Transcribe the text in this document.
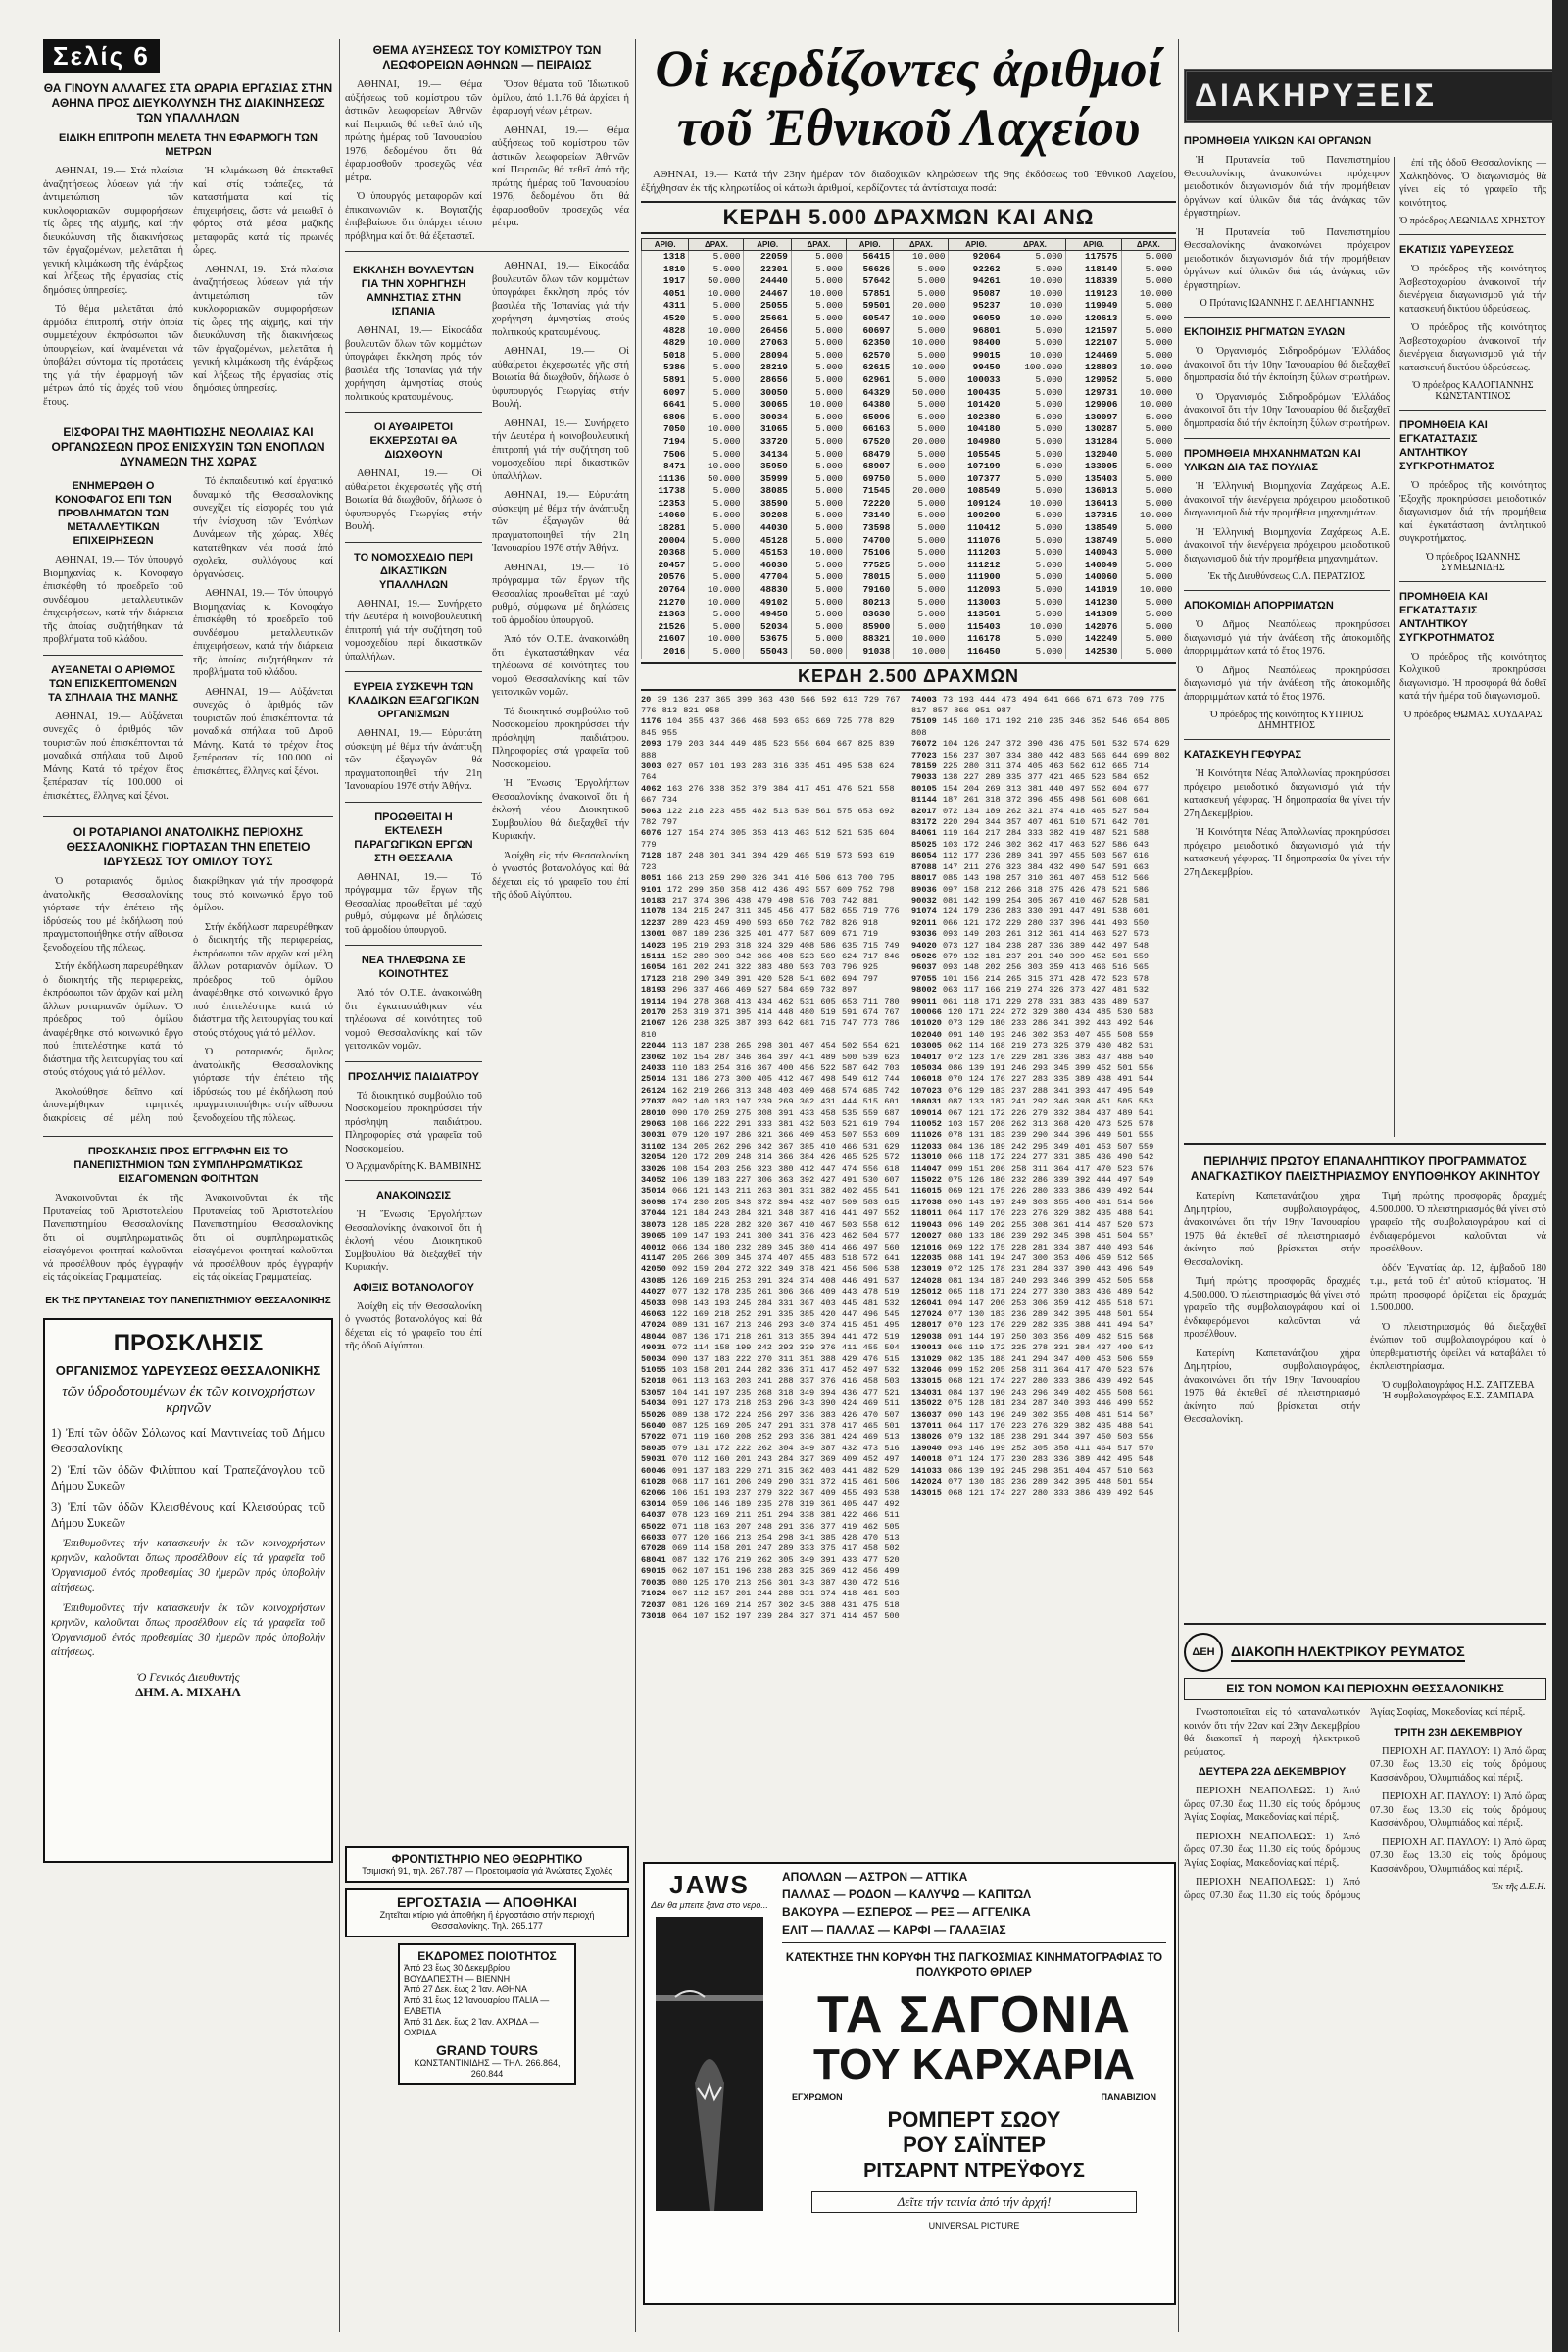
Σελίς 6
ΘΑ ΓΙΝΟΥΝ ΑΛΛΑΓΕΣ ΣΤΑ ΩΡΑΡΙΑ ΕΡΓΑΣΙΑΣ ΣΤΗΝ ΑΘΗΝΑ ΠΡΟΣ ΔΙΕΥΚΟΛΥΝΣΗ ΤΗΣ ΔΙΑΚΙΝΗΣΕΩΣ ΤΩΝ ΥΠΑΛΛΗΛΩΝ
ΕΙΔΙΚΗ ΕΠΙΤΡΟΠΗ ΜΕΛΕΤΑ ΤΗΝ ΕΦΑΡΜΟΓΗ ΤΩΝ ΜΕΤΡΩΝ

ΑΘΗΝΑΙ, 19.— Στά πλαίσια ἀναζητήσεως λύσεων γιά τήν ἀντιμετώπιση τῶν κυκλοφοριακῶν συμφορήσεων τίς ὧρες τῆς αἰχμῆς, καί τήν διευκόλυνση τῆς διακινήσεως τῶν ἐργαζομένων, μελετᾶται ἡ γενική κλιμάκωση τῆς ἐνάρξεως καί λήξεως τῆς ἐργασίας στίς δημόσιες ὑπηρεσίες.

Τό θέμα μελετᾶται ἀπό ἀρμόδια ἐπιτροπή, στήν ὁποία συμμετέχουν ἐκπρόσωποι τῶν ὑπουργείων, καί ἀναμένεται νά ὑποβάλει σύντομα τίς προτάσεις της γιά τήν ἐφαρμογή τῶν μέτρων ἀπό τίς ἀρχές τοῦ νέου ἔτους.

Ἡ κλιμάκωση θά ἐπεκταθεῖ καί στίς τράπεζες, τά καταστήματα καί τίς ἐπιχειρήσεις, ὥστε νά μειωθεῖ ὁ φόρτος στά μέσα μαζικῆς μεταφορᾶς κατά τίς πρωινές ὧρες.

ΑΘΗΝΑΙ, 19.— Στά πλαίσια ἀναζητήσεως λύσεων γιά τήν ἀντιμετώπιση τῶν κυκλοφοριακῶν συμφορήσεων τίς ὧρες τῆς αἰχμῆς, καί τήν διευκόλυνση τῆς διακινήσεως τῶν ἐργαζομένων, μελετᾶται ἡ γενική κλιμάκωση τῆς ἐνάρξεως καί λήξεως τῆς ἐργασίας στίς δημόσιες ὑπηρεσίες.

ΕΙΣΦΟΡΑΙ ΤΗΣ ΜΑΘΗΤΙΩΣΗΣ ΝΕΟΛΑΙΑΣ ΚΑΙ ΟΡΓΑΝΩΣΕΩΝ ΠΡΟΣ ΕΝΙΣΧΥΣΙΝ ΤΩΝ ΕΝΟΠΛΩΝ ΔΥΝΑΜΕΩΝ ΤΗΣ ΧΩΡΑΣ
ΕΝΗΜΕΡΩΘΗ Ο ΚΟΝΟΦΑΓΟΣ ΕΠΙ ΤΩΝ ΠΡΟΒΛΗΜΑΤΩΝ ΤΩΝ ΜΕΤΑΛΛΕΥΤΙΚΩΝ ΕΠΙΧΕΙΡΗΣΕΩΝ

ΑΘΗΝΑΙ, 19.— Τόν ὑπουργό Βιομηχανίας κ. Κονοφάγο ἐπισκέφθη τό προεδρεῖο τοῦ συνδέσμου μεταλλευτικῶν ἐπιχειρήσεων, κατά τήν διάρκεια τῆς ὁποίας συζητήθηκαν τά προβλήματα τοῦ κλάδου.

ΑΥΞΑΝΕΤΑΙ Ο ΑΡΙΘΜΟΣ ΤΩΝ ΕΠΙΣΚΕΠΤΟΜΕΝΩΝ ΤΑ ΣΠΗΛΑΙΑ ΤΗΣ ΜΑΝΗΣ

ΑΘΗΝΑΙ, 19.— Αὐξάνεται συνεχῶς ὁ ἀριθμός τῶν τουριστῶν πού ἐπισκέπτονται τά μοναδικά σπήλαια τοῦ Διροῦ Μάνης. Κατά τό τρέχον ἔτος ξεπέρασαν τίς 100.000 οἱ ἐπισκέπτες, ἕλληνες καί ξένοι.

Τό ἐκπαιδευτικό καί ἐργατικό δυναμικό τῆς Θεσσαλονίκης συνεχίζει τίς εἰσφορές του γιά τήν ἐνίσχυση τῶν Ἐνόπλων Δυνάμεων τῆς χώρας. Χθές κατατέθηκαν νέα ποσά ἀπό σχολεῖα, συλλόγους καί ὀργανώσεις.

ΑΘΗΝΑΙ, 19.— Τόν ὑπουργό Βιομηχανίας κ. Κονοφάγο ἐπισκέφθη τό προεδρεῖο τοῦ συνδέσμου μεταλλευτικῶν ἐπιχειρήσεων, κατά τήν διάρκεια τῆς ὁποίας συζητήθηκαν τά προβλήματα τοῦ κλάδου.

ΑΘΗΝΑΙ, 19.— Αὐξάνεται συνεχῶς ὁ ἀριθμός τῶν τουριστῶν πού ἐπισκέπτονται τά μοναδικά σπήλαια τοῦ Διροῦ Μάνης. Κατά τό τρέχον ἔτος ξεπέρασαν τίς 100.000 οἱ ἐπισκέπτες, ἕλληνες καί ξένοι.

ΟΙ ΡΟΤΑΡΙΑΝΟΙ ΑΝΑΤΟΛΙΚΗΣ ΠΕΡΙΟΧΗΣ ΘΕΣΣΑΛΟΝΙΚΗΣ ΓΙΟΡΤΑΣΑΝ ΤΗΝ ΕΠΕΤΕΙΟ ΙΔΡΥΣΕΩΣ ΤΟΥ ΟΜΙΛΟΥ ΤΟΥΣ

Ὁ ροταριανός ὅμιλος ἀνατολικῆς Θεσσαλονίκης γιόρτασε τήν ἐπέτειο τῆς ἱδρύσεώς του μέ ἐκδήλωση πού πραγματοποιήθηκε στήν αἴθουσα ξενοδοχείου τῆς πόλεως.

Στήν ἐκδήλωση παρευρέθηκαν ὁ διοικητής τῆς περιφερείας, ἐκπρόσωποι τῶν ἀρχῶν καί μέλη ἄλλων ροταριανῶν ὁμίλων. Ὁ πρόεδρος τοῦ ὁμίλου ἀναφέρθηκε στό κοινωνικό ἔργο πού ἐπιτελέστηκε κατά τό διάστημα τῆς λειτουργίας του καί στούς στόχους γιά τό μέλλον.

Ἀκολούθησε δεῖπνο καί ἀπονεμήθηκαν τιμητικές διακρίσεις σέ μέλη πού διακρίθηκαν γιά τήν προσφορά τους στό κοινωνικό ἔργο τοῦ ὁμίλου.

Στήν ἐκδήλωση παρευρέθηκαν ὁ διοικητής τῆς περιφερείας, ἐκπρόσωποι τῶν ἀρχῶν καί μέλη ἄλλων ροταριανῶν ὁμίλων. Ὁ πρόεδρος τοῦ ὁμίλου ἀναφέρθηκε στό κοινωνικό ἔργο πού ἐπιτελέστηκε κατά τό διάστημα τῆς λειτουργίας του καί στούς στόχους γιά τό μέλλον.

Ὁ ροταριανός ὅμιλος ἀνατολικῆς Θεσσαλονίκης γιόρτασε τήν ἐπέτειο τῆς ἱδρύσεώς του μέ ἐκδήλωση πού πραγματοποιήθηκε στήν αἴθουσα ξενοδοχείου τῆς πόλεως.

ΠΡΟΣΚΛΗΣΙΣ ΠΡΟΣ ΕΓΓΡΑΦΗΝ ΕΙΣ ΤΟ ΠΑΝΕΠΙΣΤΗΜΙΟΝ ΤΩΝ ΣΥΜΠΛΗΡΩΜΑΤΙΚΩΣ ΕΙΣΑΓΟΜΕΝΩΝ ΦΟΙΤΗΤΩΝ

Ἀνακοινοῦνται ἐκ τῆς Πρυτανείας τοῦ Ἀριστοτελείου Πανεπιστημίου Θεσσαλονίκης ὅτι οἱ συμπληρωματικῶς εἰσαγόμενοι φοιτηταί καλοῦνται νά προσέλθουν πρός ἐγγραφήν εἰς τάς οἰκείας Γραμματείας.

Ἀνακοινοῦνται ἐκ τῆς Πρυτανείας τοῦ Ἀριστοτελείου Πανεπιστημίου Θεσσαλονίκης ὅτι οἱ συμπληρωματικῶς εἰσαγόμενοι φοιτηταί καλοῦνται νά προσέλθουν πρός ἐγγραφήν εἰς τάς οἰκείας Γραμματείας.

ΕΚ ΤΗΣ ΠΡΥΤΑΝΕΙΑΣ ΤΟΥ ΠΑΝΕΠΙΣΤΗΜΙΟΥ ΘΕΣΣΑΛΟΝΙΚΗΣ
ΠΡΟΣΚΛΗΣΙΣ
ΟΡΓΑΝΙΣΜΟΣ ΥΔΡΕΥΣΕΩΣ ΘΕΣΣΑΛΟΝΙΚΗΣ
τῶν ὑδροδοτουμένων ἐκ τῶν κοινοχρήστων κρηνῶν

1) Ἐπί τῶν ὁδῶν Σόλωνος καί Μαντινείας τοῦ Δήμου Θεσσαλονίκης

2) Ἐπί τῶν ὁδῶν Φιλίππου καί Τραπεζάνογλου τοῦ Δήμου Συκεῶν

3) Ἐπί τῶν ὁδῶν Κλεισθένους καί Κλεισούρας τοῦ Δήμου Συκεῶν

Ἐπιθυμοῦντες τήν κατασκευήν ἐκ τῶν κοινοχρήστων κρηνῶν, καλοῦνται ὅπως προσέλθουν εἰς τά γραφεῖα τοῦ Ὀργανισμοῦ ἐντός προθεσμίας 30 ἡμερῶν πρός ὑποβολήν αἰτήσεως.

Ἐπιθυμοῦντες τήν κατασκευήν ἐκ τῶν κοινοχρήστων κρηνῶν, καλοῦνται ὅπως προσέλθουν εἰς τά γραφεῖα τοῦ Ὀργανισμοῦ ἐντός προθεσμίας 30 ἡμερῶν πρός ὑποβολήν αἰτήσεως.

Ὁ Γενικός Διευθυντής
ΔΗΜ. Α. ΜΙΧΑΗΛ
ΘΕΜΑ ΑΥΞΗΣΕΩΣ ΤΟΥ ΚΟΜΙΣΤΡΟΥ ΤΩΝ ΛΕΩΦΟΡΕΙΩΝ ΑΘΗΝΩΝ — ΠΕΙΡΑΙΩΣ

ΑΘΗΝΑΙ, 19.— Θέμα αὐξήσεως τοῦ κομίστρου τῶν ἀστικῶν λεωφορείων Ἀθηνῶν καί Πειραιῶς θά τεθεῖ ἀπό τῆς πρώτης ἡμέρας τοῦ Ἰανουαρίου 1976, δεδομένου ὅτι θά ἐφαρμοσθοῦν προσεχῶς νέα μέτρα.

Ὁ ὑπουργός μεταφορῶν καί ἐπικοινωνιῶν κ. Βογιατζής ἐπιβεβαίωσε ὅτι ὑπάρχει τέτοιο πρόβλημα καί ὅτι θά ἐξεταστεῖ.

Ὅσον θέματα τοῦ Ἰδιωτικοῦ ὁμίλου, ἀπό 1.1.76 θά ἀρχίσει ἡ ἐφαρμογή νέων μέτρων.

ΑΘΗΝΑΙ, 19.— Θέμα αὐξήσεως τοῦ κομίστρου τῶν ἀστικῶν λεωφορείων Ἀθηνῶν καί Πειραιῶς θά τεθεῖ ἀπό τῆς πρώτης ἡμέρας τοῦ Ἰανουαρίου 1976, δεδομένου ὅτι θά ἐφαρμοσθοῦν προσεχῶς νέα μέτρα.

ΕΚΚΛΗΣΗ ΒΟΥΛΕΥΤΩΝ ΓΙΑ ΤΗΝ ΧΟΡΗΓΗΣΗ ΑΜΝΗΣΤΙΑΣ ΣΤΗΝ ΙΣΠΑΝΙΑ

ΑΘΗΝΑΙ, 19.— Εἰκοσάδα βουλευτῶν ὅλων τῶν κομμάτων ὑπογράφει ἔκκληση πρός τόν βασιλέα τῆς Ἱσπανίας γιά τήν χορήγηση ἀμνηστίας στούς πολιτικούς κρατουμένους.

ΟΙ ΑΥΘΑΙΡΕΤΟΙ ΕΚΧΕΡΣΩΤΑΙ ΘΑ ΔΙΩΧΘΟΥΝ

ΑΘΗΝΑΙ, 19.— Οἱ αὐθαίρετοι ἐκχερσωτές γῆς στή Βοιωτία θά διωχθοῦν, δήλωσε ὁ ὑφυπουργός Γεωργίας στήν Βουλή.

ΤΟ ΝΟΜΟΣΧΕΔΙΟ ΠΕΡΙ ΔΙΚΑΣΤΙΚΩΝ ΥΠΑΛΛΗΛΩΝ

ΑΘΗΝΑΙ, 19.— Συνήρχετο τήν Δευτέρα ἡ κοινοβουλευτική ἐπιτροπή γιά τήν συζήτηση τοῦ νομοσχεδίου περί δικαστικῶν ὑπαλλήλων.

ΕΥΡΕΙΑ ΣΥΣΚΕΨΗ ΤΩΝ ΚΛΑΔΙΚΩΝ ΕΞΑΓΩΓΙΚΩΝ ΟΡΓΑΝΙΣΜΩΝ

ΑΘΗΝΑΙ, 19.— Εὐρυτάτη σύσκεψη μέ θέμα τήν ἀνάπτυξη τῶν ἐξαγωγῶν θά πραγματοποιηθεῖ τήν 21η Ἰανουαρίου 1976 στήν Ἀθήνα.

ΠΡΟΩΘΕΙΤΑΙ Η ΕΚΤΕΛΕΣΗ ΠΑΡΑΓΩΓΙΚΩΝ ΕΡΓΩΝ ΣΤΗ ΘΕΣΣΑΛΙΑ

ΑΘΗΝΑΙ, 19.— Τό πρόγραμμα τῶν ἔργων τῆς Θεσσαλίας προωθεῖται μέ ταχύ ρυθμό, σύμφωνα μέ δηλώσεις τοῦ ἁρμοδίου ὑπουργοῦ.

ΝΕΑ ΤΗΛΕΦΩΝΑ ΣΕ ΚΟΙΝΟΤΗΤΕΣ

Ἀπό τόν Ο.Τ.Ε. ἀνακοινώθη ὅτι ἐγκαταστάθηκαν νέα τηλέφωνα σέ κοινότητες τοῦ νομοῦ Θεσσαλονίκης καί τῶν γειτονικῶν νομῶν.

ΠΡΟΣΛΗΨΙΣ ΠΑΙΔΙΑΤΡΟΥ

Τό διοικητικό συμβούλιο τοῦ Νοσοκομείου προκηρύσσει τήν πρόσληψη παιδιάτρου. Πληροφορίες στά γραφεῖα τοῦ Νοσοκομείου.

Ὁ Ἀρχιμανδρίτης Κ. ΒΑΜΒΙΝΗΣ
ΑΝΑΚΟΙΝΩΣΙΣ

Ἡ Ἕνωσις Ἐργολήπτων Θεσσαλονίκης ἀνακοινοῖ ὅτι ἡ ἐκλογή νέου Διοικητικοῦ Συμβουλίου θά διεξαχθεῖ τήν Κυριακήν.

ΑΦΙΞΙΣ ΒΟΤΑΝΟΛΟΓΟΥ

Ἀφίχθη εἰς τήν Θεσσαλονίκη ὁ γνωστός βοτανολόγος καί θά δέχεται εἰς τό γραφεῖο του ἐπί τῆς ὁδοῦ Αἰγύπτου.

ΑΘΗΝΑΙ, 19.— Εἰκοσάδα βουλευτῶν ὅλων τῶν κομμάτων ὑπογράφει ἔκκληση πρός τόν βασιλέα τῆς Ἱσπανίας γιά τήν χορήγηση ἀμνηστίας στούς πολιτικούς κρατουμένους.

ΑΘΗΝΑΙ, 19.— Οἱ αὐθαίρετοι ἐκχερσωτές γῆς στή Βοιωτία θά διωχθοῦν, δήλωσε ὁ ὑφυπουργός Γεωργίας στήν Βουλή.

ΑΘΗΝΑΙ, 19.— Συνήρχετο τήν Δευτέρα ἡ κοινοβουλευτική ἐπιτροπή γιά τήν συζήτηση τοῦ νομοσχεδίου περί δικαστικῶν ὑπαλλήλων.

ΑΘΗΝΑΙ, 19.— Εὐρυτάτη σύσκεψη μέ θέμα τήν ἀνάπτυξη τῶν ἐξαγωγῶν θά πραγματοποιηθεῖ τήν 21η Ἰανουαρίου 1976 στήν Ἀθήνα.

ΑΘΗΝΑΙ, 19.— Τό πρόγραμμα τῶν ἔργων τῆς Θεσσαλίας προωθεῖται μέ ταχύ ρυθμό, σύμφωνα μέ δηλώσεις τοῦ ἁρμοδίου ὑπουργοῦ.

Ἀπό τόν Ο.Τ.Ε. ἀνακοινώθη ὅτι ἐγκαταστάθηκαν νέα τηλέφωνα σέ κοινότητες τοῦ νομοῦ Θεσσαλονίκης καί τῶν γειτονικῶν νομῶν.

Τό διοικητικό συμβούλιο τοῦ Νοσοκομείου προκηρύσσει τήν πρόσληψη παιδιάτρου. Πληροφορίες στά γραφεῖα τοῦ Νοσοκομείου.

Ἡ Ἕνωσις Ἐργολήπτων Θεσσαλονίκης ἀνακοινοῖ ὅτι ἡ ἐκλογή νέου Διοικητικοῦ Συμβουλίου θά διεξαχθεῖ τήν Κυριακήν.

Ἀφίχθη εἰς τήν Θεσσαλονίκη ὁ γνωστός βοτανολόγος καί θά δέχεται εἰς τό γραφεῖο του ἐπί τῆς ὁδοῦ Αἰγύπτου.

ΦΡΟΝΤΙΣΤΗΡΙΟ ΝΕΟ ΘΕΩΡΗΤΙΚΟ
Τσιμισκή 91, τηλ. 267.787 — Προετοιμασία γιά Ἀνώτατες Σχολές
ΕΡΓΟΣΤΑΣΙΑ — ΑΠΟΘΗΚΑΙ
Ζητεῖται κτίριο γιά ἀποθήκη ἤ ἐργοστάσιο στήν περιοχή Θεσσαλονίκης. Τηλ. 265.177
ΕΚΔΡΟΜΕΣ ΠΟΙΟΤΗΤΟΣ
Ἀπό 23 ἕως 30 Δεκεμβρίου ΒΟΥΔΑΠΕΣΤΗ — ΒΙΕΝΝΗ
Ἀπό 27 Δεκ. ἕως 2 Ἰαν. ΑΘΗΝΑ
Ἀπό 31 ἕως 12 Ἰανουαρίου ITALIA — ΕΛΒΕΤΙΑ
Ἀπό 31 Δεκ. ἕως 2 Ἰαν. ΑΧΡΙΔΑ — ΟΧΡΙΔΑ
GRAND TOURS
ΚΩΝΣΤΑΝΤΙΝΙΔΗΣ — ΤΗΛ. 266.864, 260.844
Οἱ κερδίζοντες ἀριθμοί
τοῦ Ἐθνικοῦ Λαχείου

ΑΘΗΝΑΙ, 19.— Κατά τήν 23ην ἡμέραν τῶν διαδοχικῶν κληρώσεων τῆς 9ης ἐκδόσεως τοῦ Ἐθνικοῦ Λαχείου, ἐξήχθησαν ἐκ τῆς κληρωτίδος οἱ κάτωθι ἀριθμοί, κερδίζοντες τά ἀντίστοιχα ποσά:

ΚΕΡΔΗ 5.000 ΔΡΑΧΜΩΝ ΚΑΙ ΑΝΩ
ΑΡΙΘ.	ΔΡΑΧ.	ΑΡΙΘ.	ΔΡΑΧ.	ΑΡΙΘ.	ΔΡΑΧ.	ΑΡΙΘ.	ΔΡΑΧ.	ΑΡΙΘ.	ΔΡΑΧ.
1318	5.000	22059	5.000	56415	10.000	92064	5.000	117575	5.000
1810	5.000	22301	5.000	56626	5.000	92262	5.000	118149	5.000
1917	50.000	24440	5.000	57642	5.000	94261	10.000	118339	5.000
4051	10.000	24467	10.000	57851	5.000	95087	10.000	119123	10.000
4311	5.000	25055	5.000	59501	20.000	95237	10.000	119949	5.000
4520	5.000	25661	5.000	60547	10.000	96059	10.000	120613	5.000
4828	10.000	26456	5.000	60697	5.000	96801	5.000	121597	5.000
4829	10.000	27063	5.000	62350	10.000	98400	5.000	122107	5.000
5018	5.000	28094	5.000	62570	5.000	99015	10.000	124469	5.000
5386	5.000	28219	5.000	62615	10.000	99450	100.000	128803	10.000
5891	5.000	28656	5.000	62961	5.000	100033	5.000	129052	5.000
6097	5.000	30050	5.000	64329	50.000	100435	5.000	129731	10.000
6641	5.000	30065	10.000	64380	5.000	101420	5.000	129906	10.000
6806	5.000	30034	5.000	65096	5.000	102380	5.000	130097	5.000
7050	10.000	31065	5.000	66163	5.000	104180	5.000	130287	5.000
7194	5.000	33720	5.000	67520	20.000	104980	5.000	131284	5.000
7506	5.000	34134	5.000	68479	5.000	105545	5.000	132040	5.000
8471	10.000	35959	5.000	68907	5.000	107199	5.000	133005	5.000
11136	50.000	35999	5.000	69750	5.000	107377	5.000	135403	5.000
11738	5.000	38085	5.000	71545	20.000	108549	5.000	136013	5.000
12353	5.000	38590	5.000	72220	5.000	109124	10.000	136413	5.000
14060	5.000	39208	5.000	73149	5.000	109200	5.000	137315	10.000
18281	5.000	44030	5.000	73598	5.000	110412	5.000	138549	5.000
20004	5.000	45128	5.000	74700	5.000	111076	5.000	138749	5.000
20368	5.000	45153	10.000	75106	5.000	111203	5.000	140043	5.000
20457	5.000	46030	5.000	77525	5.000	111212	5.000	140049	5.000
20576	5.000	47704	5.000	78015	5.000	111900	5.000	140060	5.000
20764	10.000	48830	5.000	79160	5.000	112093	5.000	141019	10.000
21270	10.000	49102	5.000	80213	5.000	113003	5.000	141230	5.000
21363	5.000	49458	5.000	83630	5.000	113501	5.000	141389	5.000
21526	5.000	52034	5.000	85900	5.000	115403	10.000	142076	5.000
21607	10.000	53675	5.000	88321	10.000	116178	5.000	142249	5.000
2016	5.000	55043	50.000	91038	10.000	116450	5.000	142530	5.000
ΚΕΡΔΗ 2.500 ΔΡΑΧΜΩΝ

20 39 136 237 365 399 363 430 566 592 613 729 767 776 813 821 958

1176 104 355 437 366 468 593 653 669 725 778 829 845 955

2093 179 203 344 449 485 523 556 604 667 825 839 888

3003 027 057 101 193 283 316 335 451 495 538 624 764

4062 163 276 338 352 379 384 417 451 476 521 558 667 734

5063 122 218 223 455 482 513 539 561 575 653 692 782 797

6076 127 154 274 305 353 413 463 512 521 535 604 779

7128 187 248 301 341 394 429 465 519 573 593 619 723

8051 166 213 259 290 326 341 410 506 613 700 795

9101 172 299 350 358 412 436 493 557 609 752 798

10183 217 374 396 438 479 498 576 703 742 881

11078 134 215 247 311 345 456 477 582 655 719 776

12237 289 423 459 490 593 650 762 782 826 918

13001 087 189 236 325 401 477 587 609 671 719

14023 195 219 293 318 324 329 408 586 635 715 749

15111 152 289 309 342 366 408 523 569 624 717 846

16054 161 202 241 322 383 480 593 703 796 925

17123 218 290 349 391 420 528 541 602 694 797

18193 296 337 466 469 527 584 659 732 897

19114 194 278 368 413 434 462 531 605 653 711 780

20170 253 319 371 395 414 448 480 519 591 674 767

21067 126 238 325 387 393 642 681 715 747 773 786 810

22044 113 187 238 265 298 301 407 454 502 554 621

23062 102 154 287 346 364 397 441 489 500 539 623

24033 110 183 254 316 367 400 456 522 587 642 703

25014 131 186 273 300 405 412 467 498 549 612 744

26124 162 219 266 313 348 403 409 468 574 685 742

27037 092 140 183 197 239 269 362 431 444 515 601

28010 090 170 259 275 308 391 433 458 535 559 687

29063 108 166 222 291 333 381 432 503 521 619 794

30031 079 120 197 286 321 366 409 453 507 553 609

31102 134 205 262 296 342 367 385 410 466 531 629

32054 120 172 209 248 314 366 384 426 465 525 572

33026 108 154 203 256 323 380 412 447 474 556 618

34052 106 139 183 227 306 363 392 427 491 530 607

35014 066 121 143 211 263 301 331 382 402 455 541

36098 174 230 285 343 372 394 432 487 509 583 615

37044 121 184 243 284 321 348 387 416 441 497 552

38073 128 185 228 282 320 367 410 467 503 558 612

39065 109 147 193 241 300 341 376 423 462 504 577

40012 066 134 180 232 289 345 380 414 466 497 560

41147 205 266 309 345 374 407 455 483 518 572 641

42050 092 159 204 272 322 349 378 421 456 506 538

43085 126 169 215 253 291 324 374 408 446 491 537

44027 077 132 178 235 261 306 366 409 443 478 519

45033 098 143 193 245 284 331 367 403 445 481 532

46063 122 169 218 252 291 335 385 420 447 496 545

47024 089 131 167 213 246 293 340 374 415 451 495

48044 087 136 171 218 261 313 355 394 441 472 519

49031 072 114 158 199 242 293 339 376 411 455 504

50034 090 137 183 222 270 311 351 388 429 476 515

51055 103 158 201 244 282 336 371 417 452 497 532

52018 061 113 163 203 241 288 337 376 416 458 503

53057 104 141 197 235 268 318 349 394 436 477 521

54034 091 127 173 218 253 296 343 390 424 469 511

55026 089 138 172 224 256 297 336 383 426 470 507

56040 087 125 169 205 247 291 331 378 417 465 501

57022 071 119 160 208 252 293 336 381 424 469 513

58035 079 131 172 222 262 304 349 387 432 473 516

59031 070 112 160 201 243 284 327 369 409 452 497

60046 091 137 183 229 271 315 362 403 441 482 529

61028 068 117 161 206 249 290 331 372 415 461 506

62066 106 151 193 237 279 322 367 409 455 493 538

63014 059 106 146 189 235 278 319 361 405 447 492

64037 078 123 169 211 251 294 338 381 422 466 511

65022 071 118 163 207 248 291 336 377 419 462 505

66033 077 120 166 213 254 298 341 385 428 470 513

67028 069 114 158 201 247 289 333 375 417 458 502

68041 087 132 176 219 262 305 349 391 433 477 520

69015 062 107 151 196 238 283 325 369 412 456 499

70035 080 125 170 213 256 301 343 387 430 472 516

71024 067 112 157 201 244 288 331 374 418 461 503

72037 081 126 169 214 257 302 345 388 431 475 518

73018 064 107 152 197 239 284 327 371 414 457 500

74003 73 193 444 473 494 641 666 671 673 709 775 817 857 866 951 987

75109 145 160 171 192 210 235 346 352 546 654 805 808

76072 104 126 247 372 390 436 475 501 532 574 629

77023 156 237 307 334 380 442 483 566 644 699 802

78159 225 280 311 374 405 463 562 612 665 714

79033 138 227 289 335 377 421 465 523 584 652

80105 154 204 269 313 381 440 497 552 604 677

81144 187 261 318 372 396 455 498 561 608 661

82017 072 134 189 262 321 374 418 465 527 584

83172 220 294 344 357 407 461 510 571 642 701

84061 119 164 217 284 333 382 419 487 521 588

85025 103 172 246 302 362 417 463 527 586 643

86054 112 177 236 289 341 397 455 503 567 616

87088 147 211 276 323 384 432 490 547 591 663

88017 085 143 198 257 310 361 407 458 512 566

89036 097 158 212 266 318 375 426 478 521 586

90032 081 142 199 254 305 367 410 467 528 581

91074 124 179 236 283 330 391 447 491 538 601

92011 066 121 172 229 280 337 396 441 493 550

93036 093 149 203 261 312 361 414 463 527 573

94020 073 127 184 238 287 336 389 442 497 548

95026 079 132 181 237 291 340 399 452 501 559

96037 093 148 202 256 303 359 413 466 516 565

97055 101 156 214 265 315 371 428 472 523 578

98002 063 117 166 219 274 326 373 427 481 532

99011 061 118 171 229 278 331 383 436 489 537

100066 120 171 224 272 329 380 434 485 530 583

101020 073 129 180 233 286 341 392 443 492 546

102040 091 140 193 246 302 353 407 455 508 559

103005 062 114 168 219 273 325 379 430 482 531

104017 072 123 176 229 281 336 383 437 488 540

105034 086 139 191 246 293 345 399 452 501 556

106018 070 124 176 227 283 335 389 438 491 544

107023 076 129 183 237 288 341 393 447 495 549

108031 087 133 187 241 292 346 398 451 505 553

109014 067 121 172 226 279 332 384 437 489 541

110052 103 157 208 262 313 368 420 473 525 578

111026 078 131 183 239 290 344 396 449 501 555

112033 084 136 189 242 295 349 401 453 507 559

113010 066 118 172 224 277 331 385 436 490 542

114047 099 151 206 258 311 364 417 470 523 576

115022 075 126 180 232 286 339 392 444 497 549

116015 069 121 175 226 280 333 386 439 492 544

117038 090 143 197 249 303 355 408 461 514 566

118011 064 117 170 223 276 329 382 435 488 541

119043 096 149 202 255 308 361 414 467 520 573

120027 080 133 186 239 292 345 398 451 504 557

121016 069 122 175 228 281 334 387 440 493 546

122035 088 141 194 247 300 353 406 459 512 565

123019 072 125 178 231 284 337 390 443 496 549

124028 081 134 187 240 293 346 399 452 505 558

125012 065 118 171 224 277 330 383 436 489 542

126041 094 147 200 253 306 359 412 465 518 571

127024 077 130 183 236 289 342 395 448 501 554

128017 070 123 176 229 282 335 388 441 494 547

129038 091 144 197 250 303 356 409 462 515 568

130013 066 119 172 225 278 331 384 437 490 543

131029 082 135 188 241 294 347 400 453 506 559

132046 099 152 205 258 311 364 417 470 523 576

133015 068 121 174 227 280 333 386 439 492 545

134031 084 137 190 243 296 349 402 455 508 561

135022 075 128 181 234 287 340 393 446 499 552

136037 090 143 196 249 302 355 408 461 514 567

137011 064 117 170 223 276 329 382 435 488 541

138026 079 132 185 238 291 344 397 450 503 556

139040 093 146 199 252 305 358 411 464 517 570

140018 071 124 177 230 283 336 389 442 495 548

141033 086 139 192 245 298 351 404 457 510 563

142024 077 130 183 236 289 342 395 448 501 554

143015 068 121 174 227 280 333 386 439 492 545

JAWS
Δεν θα μπειτε ξανα στο νερο...
ΑΠΟΛΛΩΝ — ΑΣΤΡΟΝ — ΑΤΤΙΚΑ
ΠΑΛΛΑΣ — ΡΟΔΟΝ — ΚΑΛΥΨΩ — ΚΑΠΙΤΩΛ
ΒΑΚΟΥΡΑ — ΕΣΠΕΡΟΣ — ΡΕΞ — ΑΓΓΕΛΙΚΑ
ΕΛΙΤ — ΠΑΛΛΑΣ — ΚΑΡΦΙ — ΓΑΛΑΞΙΑΣ
ΚΑΤΕΚΤΗΣΕ ΤΗΝ ΚΟΡΥΦΗ ΤΗΣ ΠΑΓΚΟΣΜΙΑΣ ΚΙΝΗΜΑΤΟΓΡΑΦΙΑΣ ΤΟ ΠΟΛΥΚΡΟΤΟ ΘΡΙΛΕΡ
ΤΑ ΣΑΓΟΝΙΑ
ΤΟΥ ΚΑΡΧΑΡΙΑ
ΕΓΧΡΩΜΟΝ	ΠΑΝΑΒΙΖΙΟΝ
ΡΟΜΠΕΡΤ ΣΩΟΥ
ΡΟΥ ΣΑΪΝΤΕΡ
ΡΙΤΣΑΡΝΤ ΝΤΡΕΫΦΟΥΣ
Δεῖτε τήν ταινία ἀπό τήν ἀρχή!
UNIVERSAL PICTURE
ΔΙΑΚΗΡΥΞΕΙΣ
ΠΡΟΜΗΘΕΙΑ ΥΛΙΚΩΝ ΚΑΙ ΟΡΓΑΝΩΝ

Ἡ Πρυτανεία τοῦ Πανεπιστημίου Θεσσαλονίκης ἀνακοινώνει πρόχειρον μειοδοτικόν διαγωνισμόν διά τήν προμήθειαν ὀργάνων καί ὑλικῶν διά τάς ἀνάγκας τῶν ἐργαστηρίων.

Ἡ Πρυτανεία τοῦ Πανεπιστημίου Θεσσαλονίκης ἀνακοινώνει πρόχειρον μειοδοτικόν διαγωνισμόν διά τήν προμήθειαν ὀργάνων καί ὑλικῶν διά τάς ἀνάγκας τῶν ἐργαστηρίων.

Ὁ Πρύτανις ΙΩΑΝΝΗΣ Γ. ΔΕΛΗΓΙΑΝΝΗΣ
ΕΚΠΟΙΗΣΙΣ ΡΗΓΜΑΤΩΝ ΞΥΛΩΝ

Ὁ Ὀργανισμός Σιδηροδρόμων Ἑλλάδος ἀνακοινοῖ ὅτι τήν 10ην Ἰανουαρίου θά διεξαχθεῖ δημοπρασία διά τήν ἐκποίηση ξύλων στρωτήρων.

Ὁ Ὀργανισμός Σιδηροδρόμων Ἑλλάδος ἀνακοινοῖ ὅτι τήν 10ην Ἰανουαρίου θά διεξαχθεῖ δημοπρασία διά τήν ἐκποίηση ξύλων στρωτήρων.

ΠΡΟΜΗΘΕΙΑ ΜΗΧΑΝΗΜΑΤΩΝ ΚΑΙ ΥΛΙΚΩΝ ΔΙΑ ΤΑΣ ΠΟΥΛΙΑΣ

Ἡ Ἑλληνική Βιομηχανία Ζαχάρεως Α.Ε. ἀνακοινοῖ τήν διενέργεια πρόχειρου μειοδοτικοῦ διαγωνισμοῦ διά τήν προμήθεια μηχανημάτων.

Ἡ Ἑλληνική Βιομηχανία Ζαχάρεως Α.Ε. ἀνακοινοῖ τήν διενέργεια πρόχειρου μειοδοτικοῦ διαγωνισμοῦ διά τήν προμήθεια μηχανημάτων.

Ἐκ τῆς Διευθύνσεως Ο.Λ. ΠΕΡΑΤΖΙΟΣ
ΑΠΟΚΟΜΙΔΗ ΑΠΟΡΡΙΜΑΤΩΝ

Ὁ Δῆμος Νεαπόλεως προκηρύσσει διαγωνισμό γιά τήν ἀνάθεση τῆς ἀποκομιδῆς ἀπορριμμάτων κατά τό ἔτος 1976.

Ὁ Δῆμος Νεαπόλεως προκηρύσσει διαγωνισμό γιά τήν ἀνάθεση τῆς ἀποκομιδῆς ἀπορριμμάτων κατά τό ἔτος 1976.

Ὁ πρόεδρος τῆς κοινότητος ΚΥΠΡΙΟΣ ΔΗΜΗΤΡΙΟΣ
ΚΑΤΑΣΚΕΥΗ ΓΕΦΥΡΑΣ

Ἡ Κοινότητα Νέας Ἀπολλωνίας προκηρύσσει πρόχειρο μειοδοτικό διαγωνισμό γιά τήν κατασκευή γέφυρας. Ἡ δημοπρασία θά γίνει τήν 27η Δεκεμβρίου.

Ἡ Κοινότητα Νέας Ἀπολλωνίας προκηρύσσει πρόχειρο μειοδοτικό διαγωνισμό γιά τήν κατασκευή γέφυρας. Ἡ δημοπρασία θά γίνει τήν 27η Δεκεμβρίου.

ἐπί τῆς ὁδοῦ Θεσσαλονίκης — Χαλκηδόνος. Ὁ διαγωνισμός θά γίνει εἰς τό γραφεῖο τῆς κοινότητος.

Ὁ πρόεδρος ΛΕΩΝΙΔΑΣ ΧΡΗΣΤΟΥ
ΕΚΑΤΙΣΙΣ ΥΔΡΕΥΣΕΩΣ

Ὁ πρόεδρος τῆς κοινότητος Ἀσβεστοχωρίου ἀνακοινοῖ τήν διενέργεια διαγωνισμοῦ γιά τήν κατασκευή δικτύου ὑδρεύσεως.

Ὁ πρόεδρος τῆς κοινότητος Ἀσβεστοχωρίου ἀνακοινοῖ τήν διενέργεια διαγωνισμοῦ γιά τήν κατασκευή δικτύου ὑδρεύσεως.

Ὁ πρόεδρος ΚΑΛΟΓΙΑΝΝΗΣ ΚΩΝΣΤΑΝΤΙΝΟΣ
ΠΡΟΜΗΘΕΙΑ ΚΑΙ ΕΓΚΑΤΑΣΤΑΣΙΣ ΑΝΤΛΗΤΙΚΟΥ ΣΥΓΚΡΟΤΗΜΑΤΟΣ

Ὁ πρόεδρος τῆς κοινότητος Ἐξοχῆς προκηρύσσει μειοδοτικόν διαγωνισμόν διά τήν προμήθεια καί ἐγκατάσταση ἀντλητικοῦ συγκροτήματος.

Ὁ πρόεδρος ΙΩΑΝΝΗΣ ΣΥΜΕΩΝΙΔΗΣ
ΠΡΟΜΗΘΕΙΑ ΚΑΙ ΕΓΚΑΤΑΣΤΑΣΙΣ ΑΝΤΛΗΤΙΚΟΥ ΣΥΓΚΡΟΤΗΜΑΤΟΣ

Ὁ πρόεδρος τῆς κοινότητος Κολχικοῦ προκηρύσσει διαγωνισμό. Ἡ προσφορά θά δοθεῖ κατά τήν ἡμέρα τοῦ διαγωνισμοῦ.

Ὁ πρόεδρος ΘΩΜΑΣ ΧΟΥΔΑΡΑΣ
ΠΕΡΙΛΗΨΙΣ ΠΡΩΤΟΥ ΕΠΑΝΑΛΗΠΤΙΚΟΥ ΠΡΟΓΡΑΜΜΑΤΟΣ ΑΝΑΓΚΑΣΤΙΚΟΥ ΠΛΕΙΣΤΗΡΙΑΣΜΟΥ ΕΝΥΠΟΘΗΚΟΥ ΑΚΙΝΗΤΟΥ

Κατερίνη Καπετανάτζιου χήρα Δημητρίου, συμβολαιογράφος, ἀνακοινώνει ὅτι τήν 19ην Ἰανουαρίου 1976 θά ἐκτεθεῖ σέ πλειστηριασμό ἀκίνητο πού βρίσκεται στήν Θεσσαλονίκη.

Τιμή πρώτης προσφορᾶς δραχμές 4.500.000. Ὁ πλειστηριασμός θά γίνει στό γραφεῖο τῆς συμβολαιογράφου καί οἱ ἐνδιαφερόμενοι καλοῦνται νά προσέλθουν.

Κατερίνη Καπετανάτζιου χήρα Δημητρίου, συμβολαιογράφος, ἀνακοινώνει ὅτι τήν 19ην Ἰανουαρίου 1976 θά ἐκτεθεῖ σέ πλειστηριασμό ἀκίνητο πού βρίσκεται στήν Θεσσαλονίκη.

Τιμή πρώτης προσφορᾶς δραχμές 4.500.000. Ὁ πλειστηριασμός θά γίνει στό γραφεῖο τῆς συμβολαιογράφου καί οἱ ἐνδιαφερόμενοι καλοῦνται νά προσέλθουν.

ὁδόν Ἐγνατίας ἀρ. 12, ἐμβαδοῦ 180 τ.μ., μετά τοῦ ἐπ' αὐτοῦ κτίσματος. Ἡ πρώτη προσφορά ὁρίζεται εἰς δραχμάς 1.500.000.

Ὁ πλειστηριασμός θά διεξαχθεῖ ἐνώπιον τοῦ συμβολαιογράφου καί ὁ ὑπερθεματιστής ὀφείλει νά καταβάλει τό ἐκπλειστηρίασμα.

Ὁ συμβολαιογράφος Η.Σ. ΖΑΙΤΖΕΒΑ
Ἡ συμβολαιογράφος Ε.Σ. ΖΑΜΠΑΡΑ
ΔΕΗ ΔΙΑΚΟΠΗ ΗΛΕΚΤΡΙΚΟΥ ΡΕΥΜΑΤΟΣ
ΕΙΣ ΤΟΝ ΝΟΜΟΝ ΚΑΙ ΠΕΡΙΟΧΗΝ ΘΕΣΣΑΛΟΝΙΚΗΣ

Γνωστοποιεῖται εἰς τό καταναλωτικόν κοινόν ὅτι τήν 22αν καί 23ην Δεκεμβρίου θά διακοπεῖ ἡ παροχή ἠλεκτρικοῦ ρεύματος.

ΔΕΥΤΕΡΑ 22Α ΔΕΚΕΜΒΡΙΟΥ

ΠΕΡΙΟΧΗ ΝΕΑΠΟΛΕΩΣ: 1) Ἀπό ὥρας 07.30 ἕως 11.30 εἰς τούς δρόμους Ἀγίας Σοφίας, Μακεδονίας καί πέριξ.

ΠΕΡΙΟΧΗ ΝΕΑΠΟΛΕΩΣ: 1) Ἀπό ὥρας 07.30 ἕως 11.30 εἰς τούς δρόμους Ἀγίας Σοφίας, Μακεδονίας καί πέριξ.

ΠΕΡΙΟΧΗ ΝΕΑΠΟΛΕΩΣ: 1) Ἀπό ὥρας 07.30 ἕως 11.30 εἰς τούς δρόμους Ἀγίας Σοφίας, Μακεδονίας καί πέριξ.

ΤΡΙΤΗ 23Η ΔΕΚΕΜΒΡΙΟΥ

ΠΕΡΙΟΧΗ ΑΓ. ΠΑΥΛΟΥ: 1) Ἀπό ὥρας 07.30 ἕως 13.30 εἰς τούς δρόμους Κασσάνδρου, Ὀλυμπιάδος καί πέριξ.

ΠΕΡΙΟΧΗ ΑΓ. ΠΑΥΛΟΥ: 1) Ἀπό ὥρας 07.30 ἕως 13.30 εἰς τούς δρόμους Κασσάνδρου, Ὀλυμπιάδος καί πέριξ.

ΠΕΡΙΟΧΗ ΑΓ. ΠΑΥΛΟΥ: 1) Ἀπό ὥρας 07.30 ἕως 13.30 εἰς τούς δρόμους Κασσάνδρου, Ὀλυμπιάδος καί πέριξ.

Ἐκ τῆς Δ.Ε.Η.
